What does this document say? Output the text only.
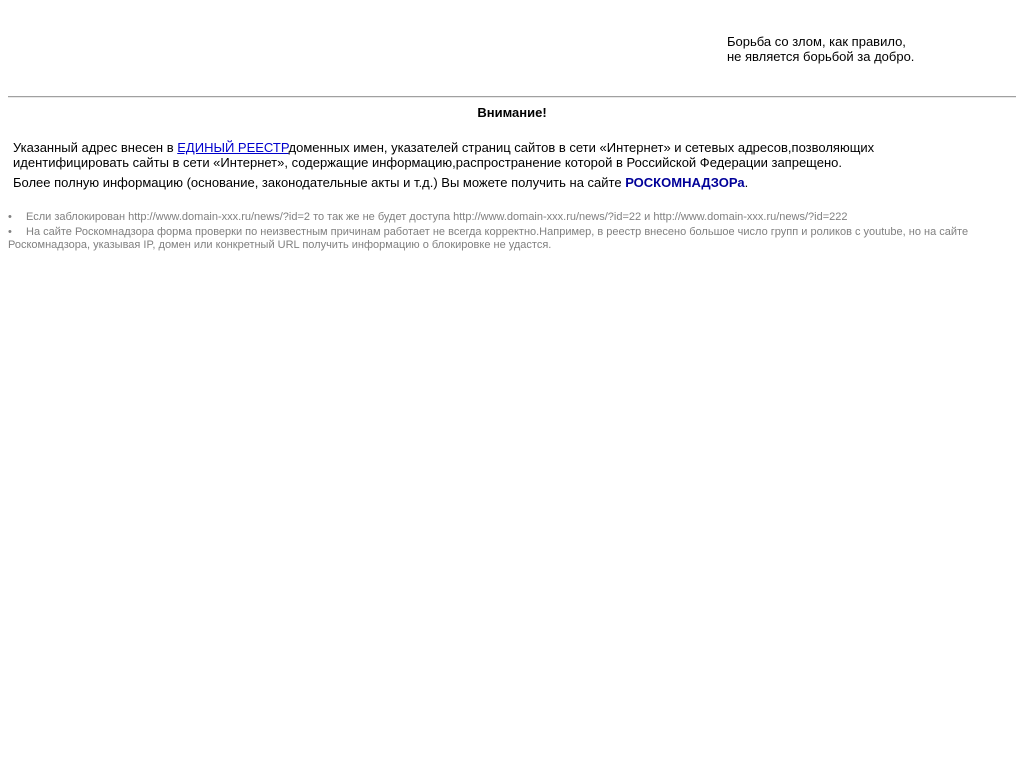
Борьба со злом, как правило,
не является борьбой за добро.
Внимание!
Указанный адрес внесен в ЕДИНЫЙ РЕЕСТРдоменных имен, указателей страниц сайтов в сети «Интернет» и сетевых адресов,позволяющих идентифицировать сайты в сети «Интернет», содержащие информацию,распространение которой в Российской Федерации запрещено.
Более полную информацию (основание, законодательные акты и т.д.) Вы можете получить на сайте РОСКОМНАДЗОРа.
• Если заблокирован http://www.domain-xxx.ru/news/?id=2 то так же не будет доступа http://www.domain-xxx.ru/news/?id=22 и http://www.domain-xxx.ru/news/?id=222
• На сайте Роскомнадзора форма проверки по неизвестным причинам работает не всегда корректно.Например, в реестр внесено большое число групп и роликов с youtube, но на сайте Роскомнадзора, указывая IP, домен или конкретный URL получить информацию о блокировке не удастся.
